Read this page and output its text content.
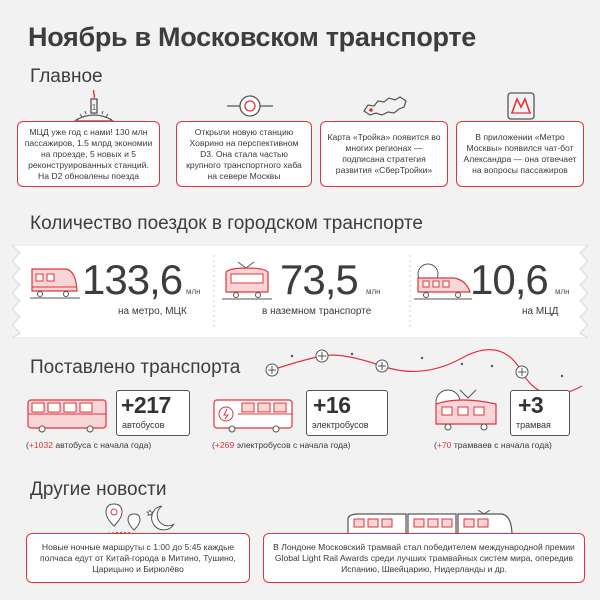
Ноябрь в Московском транспорте
Главное
1
МЦД уже год с нами! 130 млн пассажиров, 1.5 млрд экономии на проезде, 5 новых и 5 реконструированных станций. На D2 обновлены поезда
Открыли новую станцию Ховрино на перспективном D3. Она стала частью крупного транспортного хаба на севере Москвы
Карта «Тройка» появится во многих регионах — подписана стратегия развития «СберТройки»
В приложении «Метро Москвы» появился чат-бот Александра — она отвечает на вопросы пассажиров
Количество поездок в городском транспорте
133,6 млн
на метро, МЦК
73,5 млн
в наземном транспорте
10,6 млн
на МЦД
Поставлено транспорта
+217
автобусов
(+1032 автобуса с начала года)
+16
электробусов
(+269 электробусов с начала года)
+3
трамвая
(+70 трамваев с начала года)
Другие новости
Новые ночные маршруты с 1:00 до 5:45 каждые полчаса едут от Китай-города в Митино, Тушино, Царицыно и Бирюлёво
В Лондоне Московский трамвай стал победителем международной премии Global Light Rail Awards среди лучших трамвайных систем мира, опередив Испанию, Швейцарию, Нидерланды и др.
